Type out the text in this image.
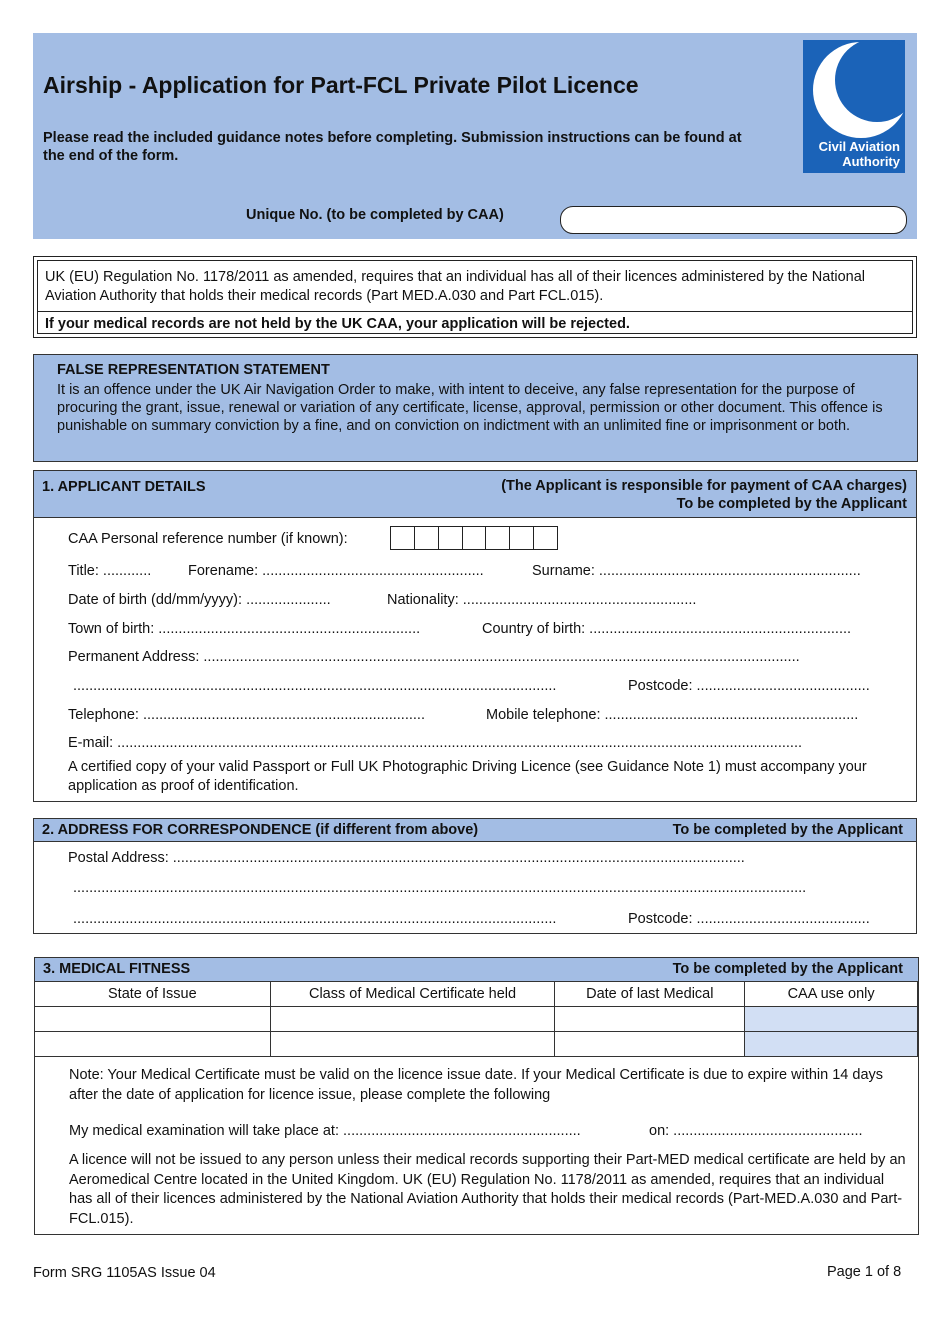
Airship - Application for Part-FCL Private Pilot Licence
Please read the included guidance notes before completing. Submission instructions can be found at the end of the form.
Unique No. (to be completed by CAA)
Civil Aviation
Authority
UK (EU) Regulation No. 1178/2011 as amended, requires that an individual has all of their licences administered by the National Aviation Authority that holds their medical records (Part MED.A.030 and Part FCL.015).
If your medical records are not held by the UK CAA, your application will be rejected.
FALSE REPRESENTATION STATEMENT
It is an offence under the UK Air Navigation Order to make, with intent to deceive, any false representation for the purpose of procuring the grant, issue, renewal or variation of any certificate, license, approval, permission or other document. This offence is punishable on summary conviction by a fine, and on conviction on indictment with an unlimited fine or imprisonment or both.
1. APPLICANT DETAILS	(The Applicant is responsible for payment of CAA charges)
To be completed by the Applicant
CAA Personal reference number (if known):
Title: ............	Forename: .......................................................	Surname: .................................................................
Date of birth (dd/mm/yyyy): .....................	Nationality: ..........................................................
Town of birth: .................................................................	Country of birth: .................................................................
Permanent Address: ....................................................................................................................................................
........................................................................................................................	Postcode: ...........................................
Telephone: ......................................................................	Mobile telephone: ...............................................................
E-mail: ..........................................................................................................................................................................
A certified copy of your valid Passport or Full UK Photographic Driving Licence (see Guidance Note 1) must accompany your application as proof of identification.
2. ADDRESS FOR CORRESPONDENCE (if different from above)	To be completed by the Applicant
Postal Address: ..............................................................................................................................................
......................................................................................................................................................................................
........................................................................................................................	Postcode: ...........................................
3. MEDICAL FITNESS	To be completed by the Applicant
State of Issue	Class of Medical Certificate held	Date of last Medical	CAA use only

Note: Your Medical Certificate must be valid on the licence issue date. If your Medical Certificate is due to expire within 14 days after the date of application for licence issue, please complete the following
My medical examination will take place at: ...........................................................	on: ...............................................
A licence will not be issued to any person unless their medical records supporting their Part-MED medical certificate are held by an Aeromedical Centre located in the United Kingdom. UK (EU) Regulation No. 1178/2011 as amended, requires that an individual has all of their licences administered by the National Aviation Authority that holds their medical records (Part-MED.A.030 and Part-FCL.015).
Form SRG 1105AS Issue 04	Page 1 of 8
